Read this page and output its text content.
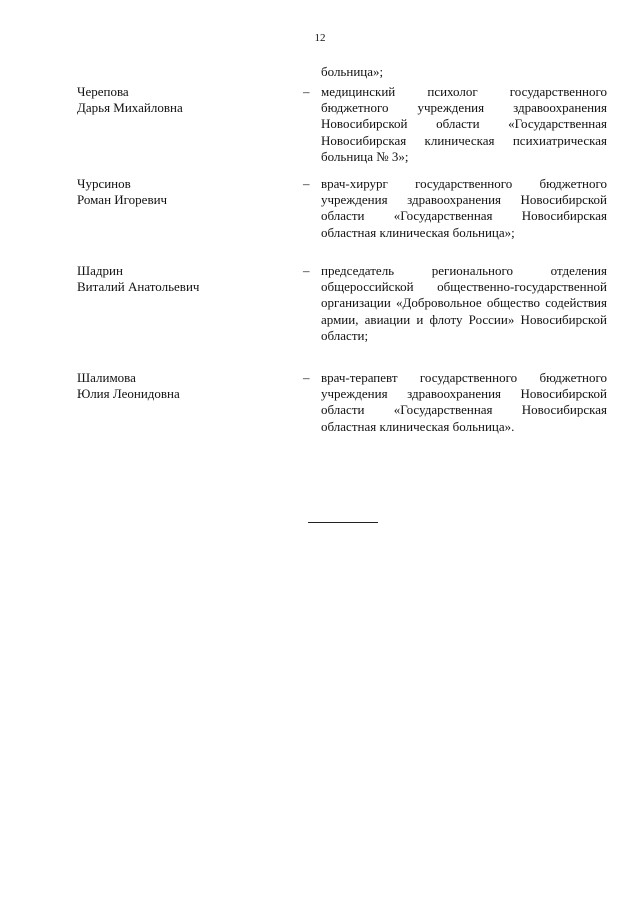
12
больница»;
Черепова
Дарья Михайловна
– медицинский психолог государственного бюджетного учреждения здравоохранения Новосибирской области «Государственная Новосибирская клиническая психиатрическая больница № 3»;
Чурсинов
Роман Игоревич
– врач-хирург государственного бюджетного учреждения здравоохранения Новосибирской области «Государственная Новосибирская областная клиническая больница»;
Шадрин
Виталий Анатольевич
– председатель регионального отделения общероссийской общественно-государственной организации «Добровольное общество содействия армии, авиации и флоту России» Новосибирской области;
Шалимова
Юлия Леонидовна
– врач-терапевт государственного бюджетного учреждения здравоохранения Новосибирской области «Государственная Новосибирская областная клиническая больница».
